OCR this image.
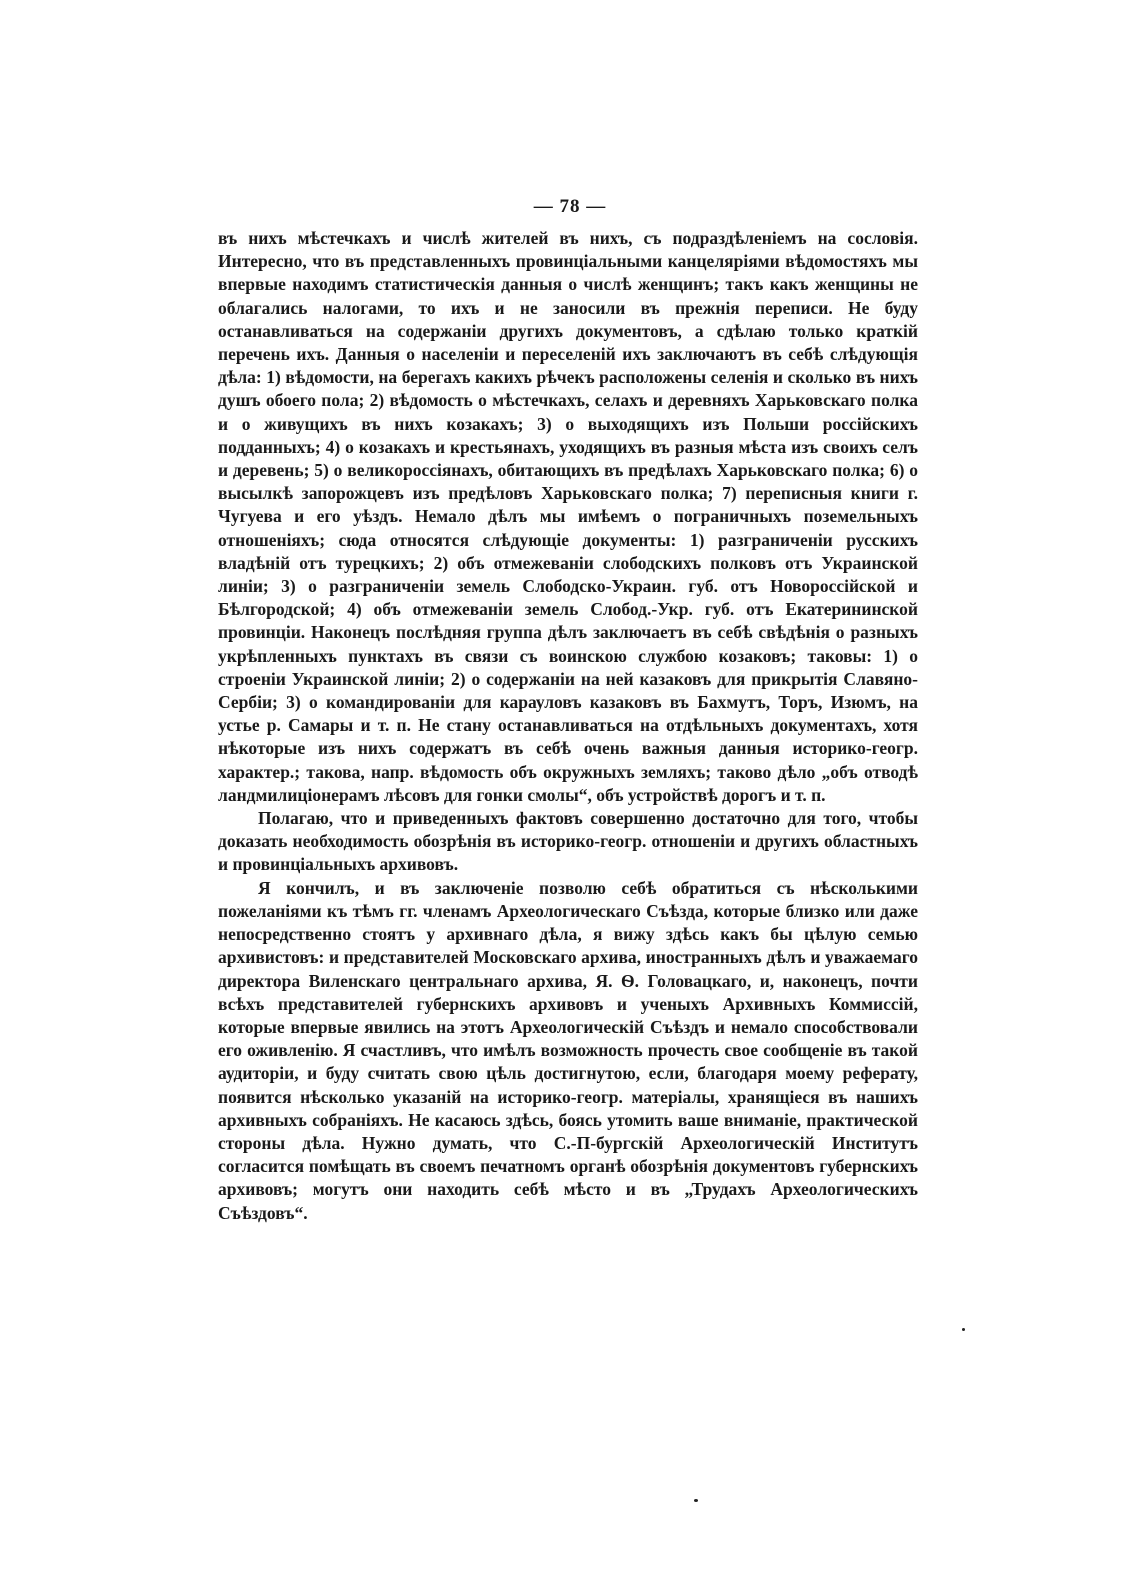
— 78 —

въ нихъ мѣстечкахъ и числѣ жителей въ нихъ, съ подраздѣленіемъ на сословія. Интересно, что въ представленныхъ провинціальными канцеляріями вѣдомостяхъ мы впервые находимъ статистическія данныя о числѣ женщинъ; такъ какъ женщины не облагались налогами, то ихъ и не заносили въ прежнія переписи. Не буду останавливаться на содержаніи другихъ документовъ, а сдѣлаю только краткій перечень ихъ. Данныя о населеніи и переселеній ихъ заключаютъ въ себѣ слѣдующія дѣла: 1) вѣдомости, на берегахъ какихъ рѣчекъ расположены селенія и сколько въ нихъ душъ обоего пола; 2) вѣдомость о мѣстечкахъ, селахъ и деревняхъ Харьковскаго полка и о живущихъ въ нихъ козакахъ; 3) о выходящихъ изъ Польши россійскихъ подданныхъ; 4) о козакахъ и крестьянахъ, уходящихъ въ разныя мѣста изъ своихъ селъ и деревень; 5) о великороссіянахъ, обитающихъ въ предѣлахъ Харьковскаго полка; 6) о высылкѣ запорожцевъ изъ предѣловъ Харьковскаго полка; 7) переписныя книги г. Чугуева и его уѣздъ. Немало дѣлъ мы имѣемъ о пограничныхъ поземельныхъ отношеніяхъ; сюда относятся слѣдующіе документы: 1) разграниченіи русскихъ владѣній отъ турецкихъ; 2) объ отмежеваніи слободскихъ полковъ отъ Украинской линіи; 3) о разграниченіи земель Слободско-Украин. губ. отъ Новороссійской и Бѣлгородской; 4) объ отмежеваніи земель Слобод.-Укр. губ. отъ Екатерининской провинціи. Наконецъ послѣдняя группа дѣлъ заключаетъ въ себѣ свѣдѣнія о разныхъ укрѣпленныхъ пунктахъ въ связи съ воинскою службою козаковъ; таковы: 1) о строеніи Украинской линіи; 2) о содержаніи на ней казаковъ для прикрытія Славяно-Сербіи; 3) о командированіи для карауловъ казаковъ въ Бахмутъ, Торъ, Изюмъ, на устье р. Самары и т. п. Не стану останавливаться на отдѣльныхъ документахъ, хотя нѣкоторые изъ нихъ содержатъ въ себѣ очень важныя данныя историко-геогр. характер.; такова, напр. вѣдомость объ окружныхъ земляхъ; таково дѣло „объ отводѣ ландмилиціонерамъ лѣсовъ для гонки смолы“, объ устройствѣ дорогъ и т. п.

Полагаю, что и приведенныхъ фактовъ совершенно достаточно для того, чтобы доказать необходимость обозрѣнія въ историко-геогр. отношеніи и другихъ областныхъ и провинціальныхъ архивовъ.

Я кончилъ, и въ заключеніе позволю себѣ обратиться съ нѣсколькими пожеланіями къ тѣмъ гг. членамъ Археологическаго Съѣзда, которые близко или даже непосредственно стоятъ у архивнаго дѣла, я вижу здѣсь какъ бы цѣлую семью архивистовъ: и представителей Московскаго архива, иностранныхъ дѣлъ и уважаемаго директора Виленскаго центральнаго архива, Я. Ѳ. Головацкаго, и, наконецъ, почти всѣхъ представителей губернскихъ архивовъ и ученыхъ Архивныхъ Коммиссій, которые впервые явились на этотъ Археологическій Съѣздъ и немало способствовали его оживленію. Я счастливъ, что имѣлъ возможность прочесть свое сообщеніе въ такой аудиторіи, и буду считать свою цѣль достигнутою, если, благодаря моему реферату, появится нѣсколько указаній на историко-геогр. матеріалы, хранящіеся въ нашихъ архивныхъ собраніяхъ. Не касаюсь здѣсь, боясь утомить ваше вниманіе, практической стороны дѣла. Нужно думать, что С.-П-бургскій Археологическій Институтъ согласится помѣщать въ своемъ печатномъ органѣ обозрѣнія документовъ губернскихъ архивовъ; могутъ они находить себѣ мѣсто и въ „Трудахъ Археологическихъ Съѣздовъ“.
